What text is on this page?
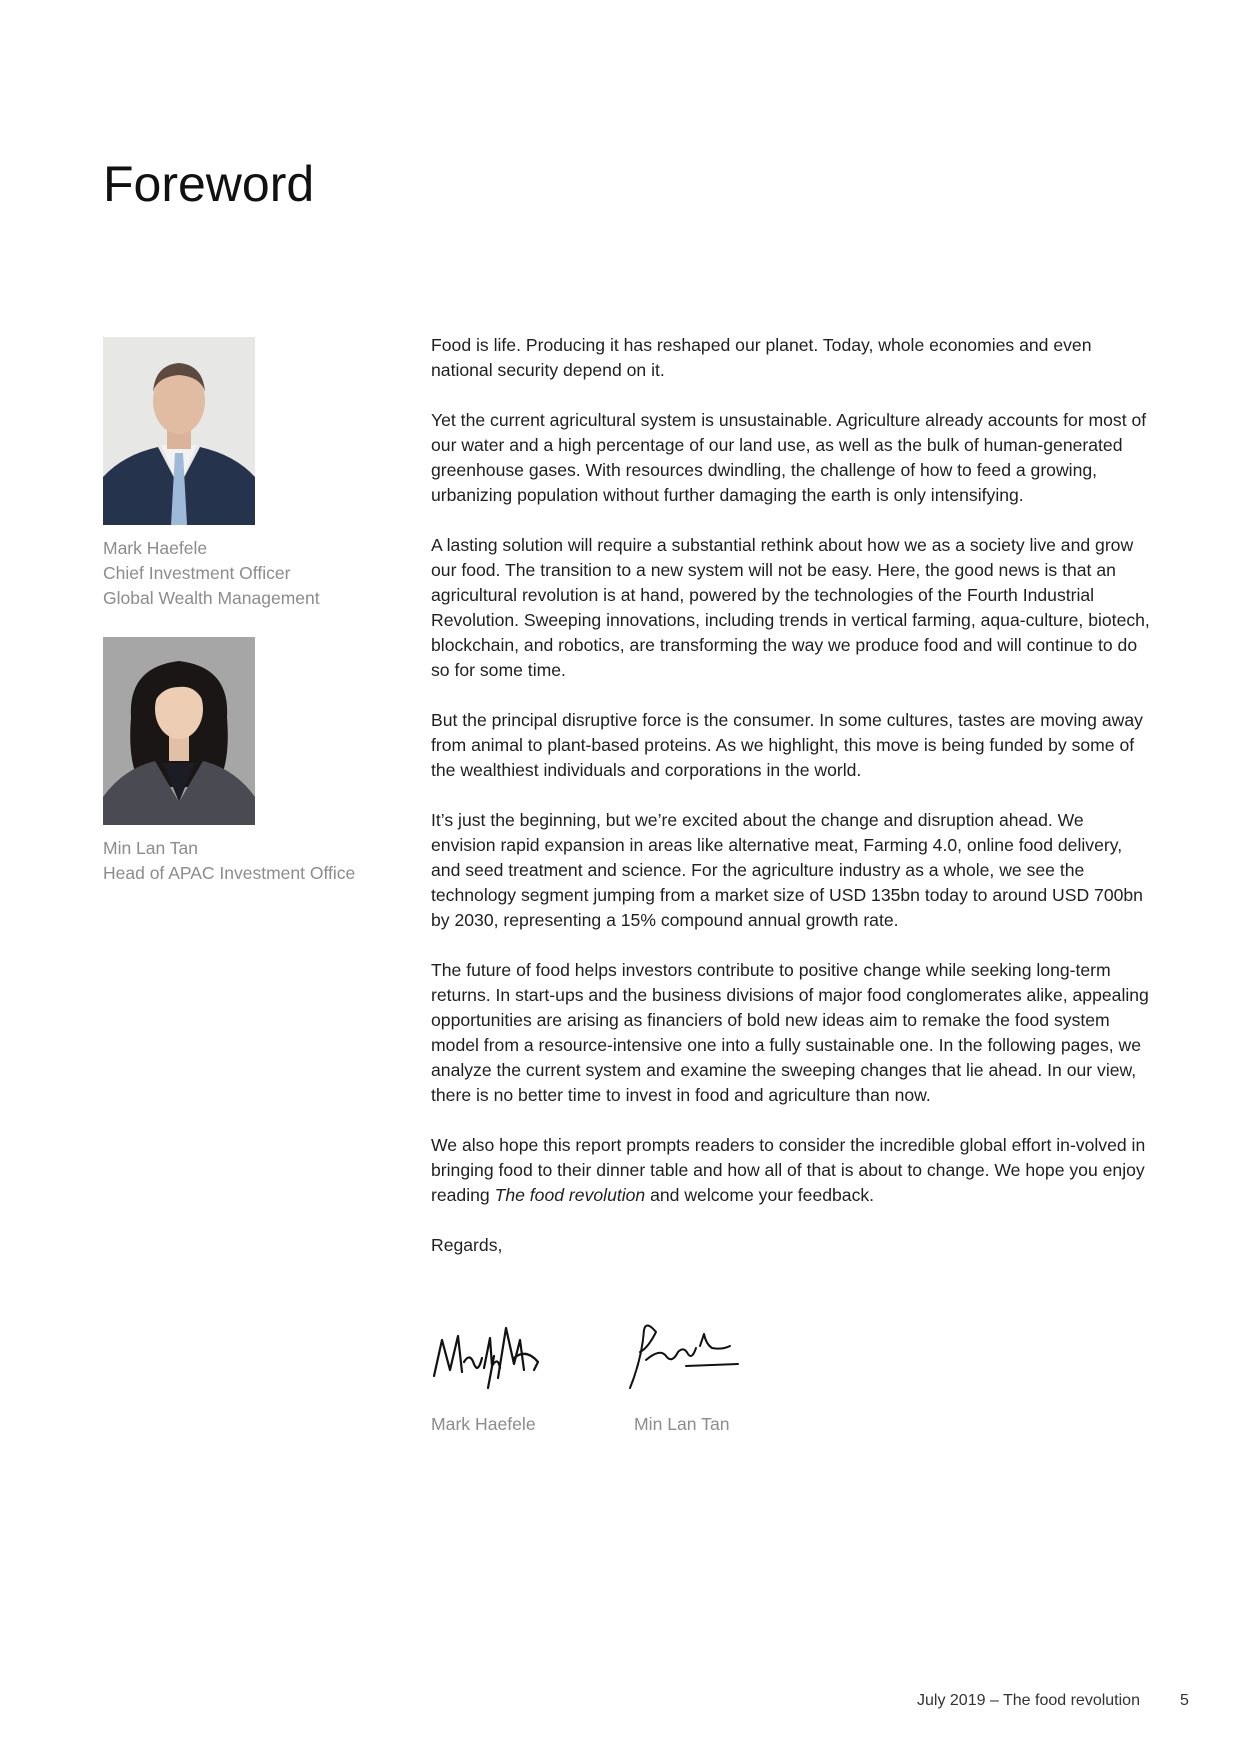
Foreword
Mark Haefele
Chief Investment Officer
Global Wealth Management
Min Lan Tan
Head of APAC Investment Office

Food is life. Producing it has reshaped our planet. Today, whole economies and even national security depend on it.

Yet the current agricultural system is unsustainable. Agriculture already accounts for most of our water and a high percentage of our land use, as well as the bulk of human-generated greenhouse gases. With resources dwindling, the challenge of how to feed a growing, urbanizing population without further damaging the earth is only intensifying.

A lasting solution will require a substantial rethink about how we as a society live and grow our food. The transition to a new system will not be easy. Here, the good news is that an agricultural revolution is at hand, powered by the technologies of the Fourth Industrial Revolution. Sweeping innovations, including trends in vertical farming, aqua-culture, biotech, blockchain, and robotics, are transforming the way we produce food and will continue to do so for some time.

But the principal disruptive force is the consumer. In some cultures, tastes are moving away from animal to plant-based proteins. As we highlight, this move is being funded by some of the wealthiest individuals and corporations in the world.

It’s just the beginning, but we’re excited about the change and disruption ahead. We envision rapid expansion in areas like alternative meat, Farming 4.0, online food delivery, and seed treatment and science. For the agriculture industry as a whole, we see the technology segment jumping from a market size of USD 135bn today to around USD 700bn by 2030, representing a 15% compound annual growth rate.

The future of food helps investors contribute to positive change while seeking long-term returns. In start-ups and the business divisions of major food conglomerates alike, appealing opportunities are arising as financiers of bold new ideas aim to remake the food system model from a resource-intensive one into a fully sustainable one. In the following pages, we analyze the current system and examine the sweeping changes that lie ahead. In our view, there is no better time to invest in food and agriculture than now.

We also hope this report prompts readers to consider the incredible global effort in-volved in bringing food to their dinner table and how all of that is about to change. We hope you enjoy reading The food revolution and welcome your feedback.

Regards,

Mark Haefele	Min Lan Tan
July 2019 – The food revolution	5
